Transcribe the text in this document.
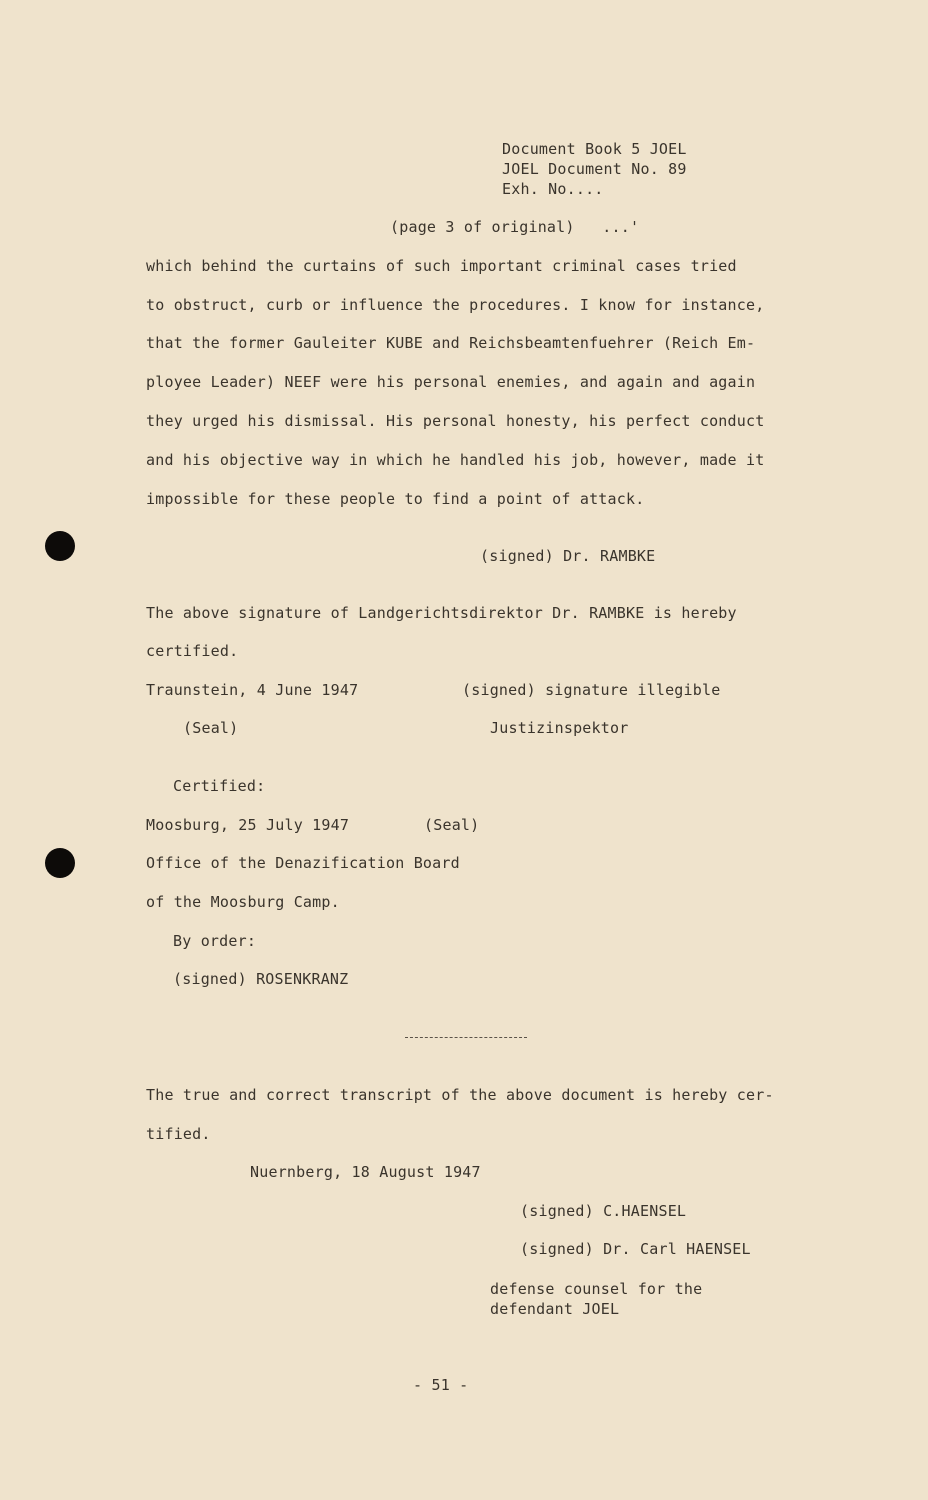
Document Book 5 JOEL
JOEL Document No. 89
Exh. No....
(page 3 of original)   ...'
which behind the curtains of such important criminal cases tried
to obstruct, curb or influence the procedures. I know for instance,
that the former Gauleiter KUBE and Reichsbeamtenfuehrer (Reich Em-
ployee Leader) NEEF were his personal enemies, and again and again
they urged his dismissal. His personal honesty, his perfect conduct
and his objective way in which he handled his job, however, made it
impossible for these people to find a point of attack.
(signed) Dr. RAMBKE
The above signature of Landgerichtsdirektor Dr. RAMBKE is hereby
certified.
Traunstein, 4 June 1947	(signed) signature illegible
(Seal)	Justizinspektor
Certified:
Moosburg, 25 July 1947	(Seal)
Office of the Denazification Board
of the Moosburg Camp.
By order:
(signed) ROSENKRANZ
The true and correct transcript of the above document is hereby cer-
tified.
Nuernberg, 18 August 1947
(signed) C.HAENSEL
(signed) Dr. Carl HAENSEL
defense counsel for the
defendant JOEL
- 51 -
